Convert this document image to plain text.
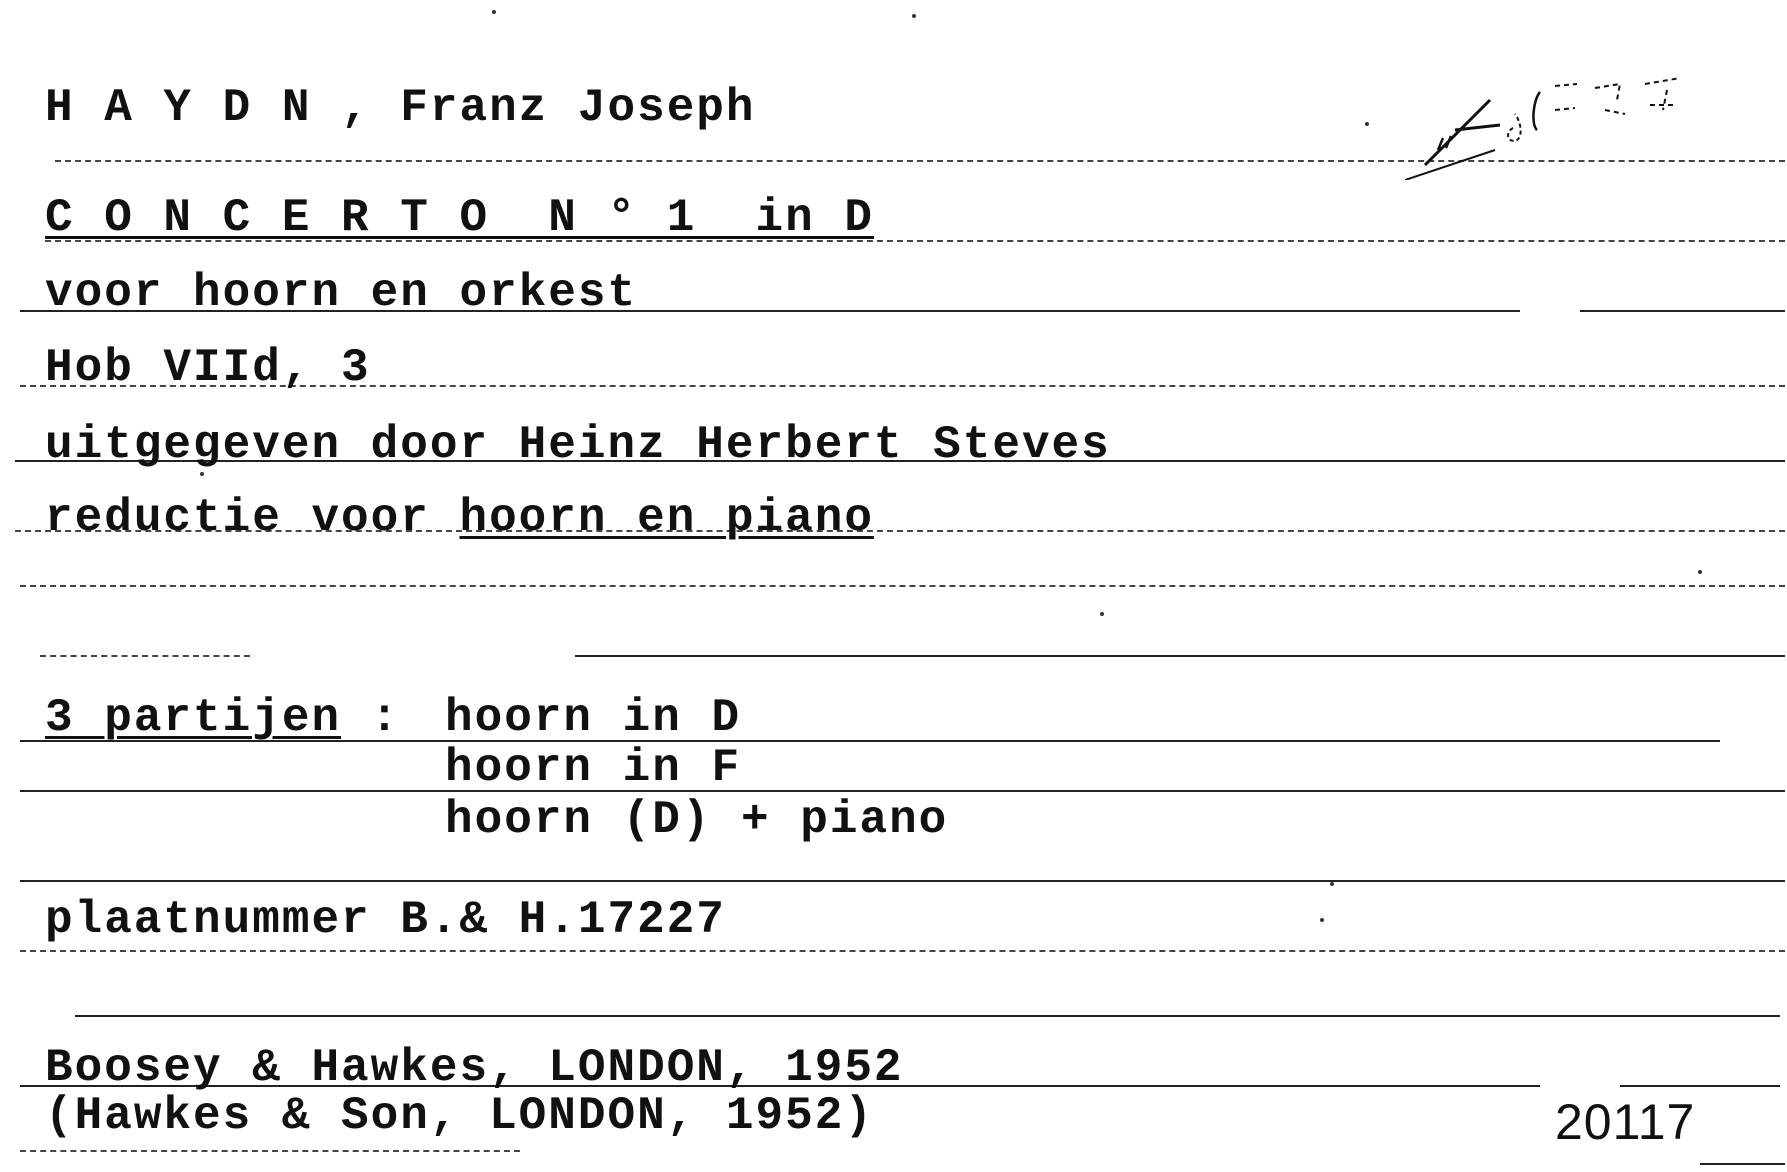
H A Y D N , Franz Joseph

C O N C E R T O  N ° 1  in D

voor hoorn en orkest

Hob VIId, 3

uitgegeven door Heinz Herbert Steves

reductie voor hoorn en piano

3 partijen : hoorn in D

hoorn in F

hoorn (D) + piano

plaatnummer B.& H.17227

Boosey & Hawkes, LONDON, 1952

(Hawkes & Son, LONDON, 1952)	20117
